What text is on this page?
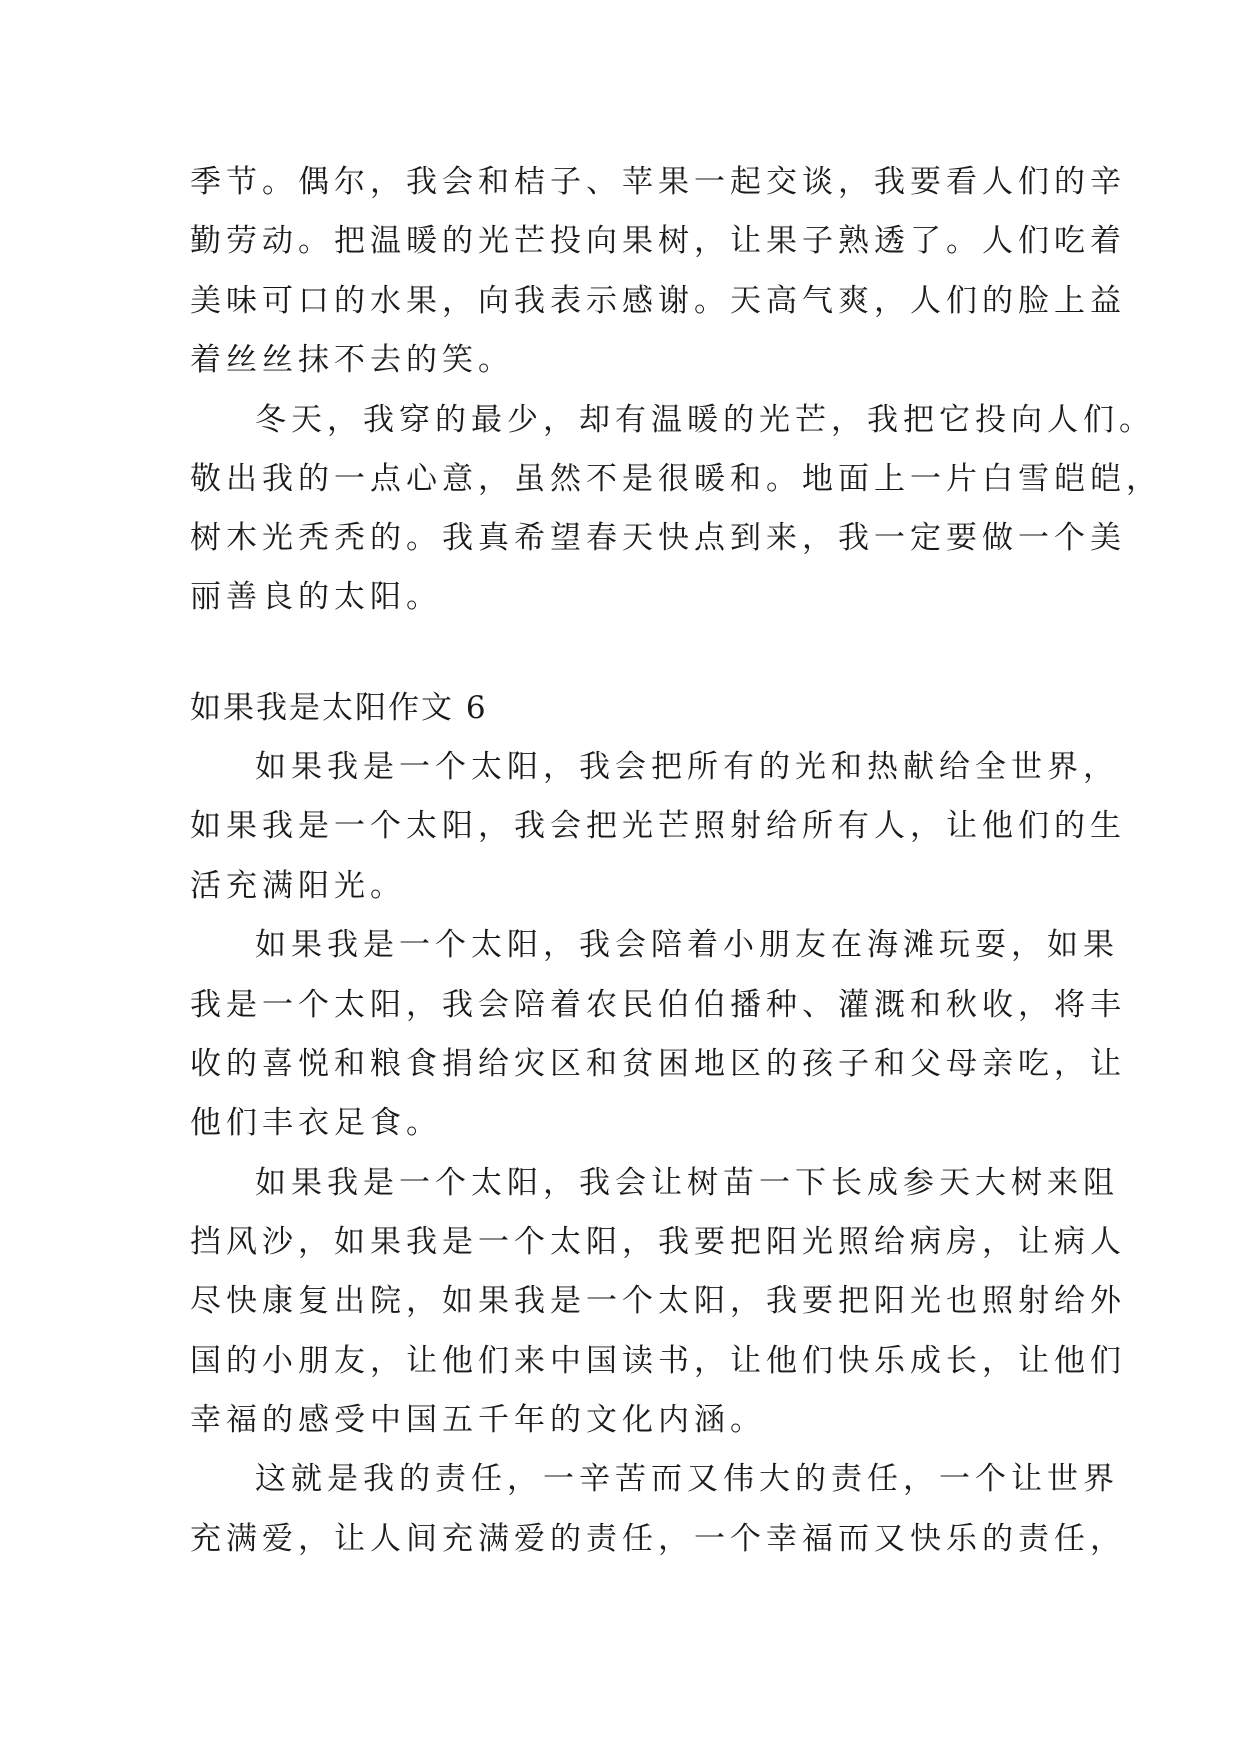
季节。偶尔，我会和桔子、苹果一起交谈，我要看人们的辛
勤劳动。把温暖的光芒投向果树，让果子熟透了。人们吃着
美味可口的水果，向我表示感谢。天高气爽，人们的脸上益
着丝丝抹不去的笑。
冬天，我穿的最少，却有温暖的光芒，我把它投向人们。
敬出我的一点心意，虽然不是很暖和。地面上一片白雪皑皑，
树木光秃秃的。我真希望春天快点到来，我一定要做一个美
丽善良的太阳。
如果我是太阳作文 6
如果我是一个太阳，我会把所有的光和热献给全世界，
如果我是一个太阳，我会把光芒照射给所有人，让他们的生
活充满阳光。
如果我是一个太阳，我会陪着小朋友在海滩玩耍，如果
我是一个太阳，我会陪着农民伯伯播种、灌溉和秋收，将丰
收的喜悦和粮食捐给灾区和贫困地区的孩子和父母亲吃，让
他们丰衣足食。
如果我是一个太阳，我会让树苗一下长成参天大树来阻
挡风沙，如果我是一个太阳，我要把阳光照给病房，让病人
尽快康复出院，如果我是一个太阳，我要把阳光也照射给外
国的小朋友，让他们来中国读书，让他们快乐成长，让他们
幸福的感受中国五千年的文化内涵。
这就是我的责任，一辛苦而又伟大的责任，一个让世界
充满爱，让人间充满爱的责任，一个幸福而又快乐的责任，
